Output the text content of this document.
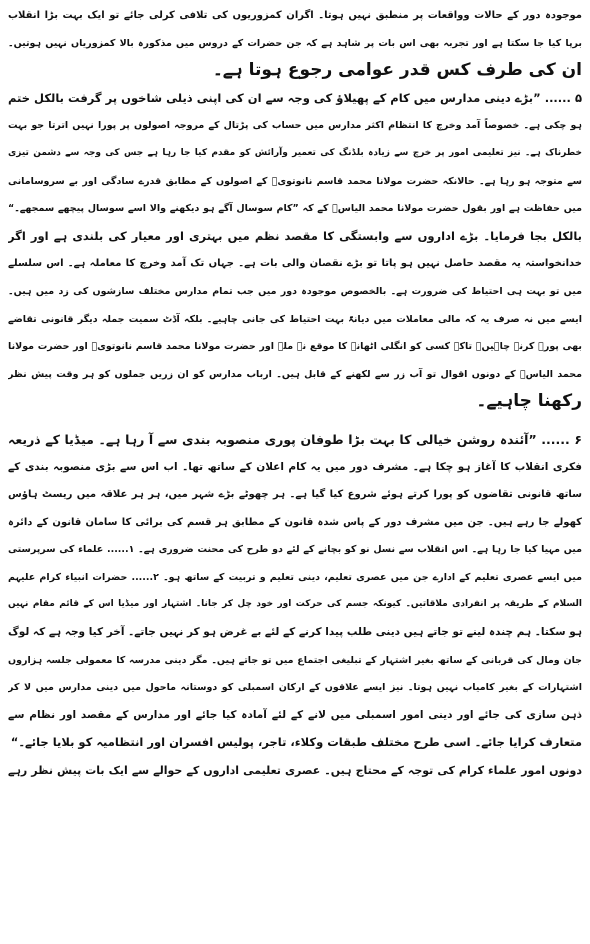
موجودہ دور کے حالات وواقعات پر منطبق نہیں ہوتا۔ اگران کمزوریوں کی تلافی کرلی جائے تو ایک بہت بڑا انقلاب
برپا کیا جا سکتا ہے اور تجربہ بھی اس بات پر شاہد ہے کہ جن حضرات کے دروس میں مذکورہ بالا کمزوریاں نہیں ہوتیں۔
ان کی طرف کس قدر عوامی رجوع ہوتا ہے۔
۵ ...... ”بڑے دینی مدارس میں کام کے پھیلاؤ کی وجہ سے ان کی اپنی ذیلی شاخوں پر گرفت بالکل ختم
ہو چکی ہے۔ خصوصاً آمد وخرچ کا انتظام اکثر مدارس میں حساب کی پڑتال کے مروجہ اصولوں پر پورا نہیں اترتا جو بہت
خطرناک ہے۔ نیز تعلیمی امور پر خرچ سے زیادہ بلڈنگ کی تعمیر وآرائش کو مقدم کیا جا رہا ہے جس کی وجہ سے دشمن تیزی
سے متوجہ ہو رہا ہے۔ حالانکہ حضرت مولانا محمد قاسم نانوتویؒ کے اصولوں کے مطابق قدرے سادگی اور بے سروسامانی
میں حفاظت ہے اور بقول حضرت مولانا محمد الیاسؒ کے کہ ”کام سوسال آگے ہو دیکھنے والا اسے سوسال پیچھے سمجھے۔“
بالکل بجا فرمایا۔ بڑے اداروں سے وابستگی کا مقصد نظم میں بہتری اور معیار کی بلندی ہے اور اگر
خدانخواستہ یہ مقصد حاصل نہیں ہو پاتا تو بڑے نقصان والی بات ہے۔ جہاں تک آمد وخرچ کا معاملہ ہے۔ اس سلسلے
میں تو بہت ہی احتیاط کی ضرورت ہے۔ بالخصوص موجودہ دور میں جب تمام مدارس مختلف سازشوں کی زد میں ہیں۔
ایسے میں نہ صرف یہ کہ مالی معاملات میں دیانۃً بہت احتیاط کی جانی چاہیے۔ بلکہ آڈٹ سمیت جملہ دیگر قانونی تقاضے
بھی پورے کرنے چاہیں۔ تاکہ کسی کو انگلی اٹھانے کا موقع نہ ملے اور حضرت مولانا محمد قاسم نانوتویؒ اور حضرت مولانا
محمد الیاسؒ کے دونوں اقوال تو آب زر سے لکھنے کے قابل ہیں۔ ارباب مدارس کو ان زریں جملوں کو ہر وقت پیش نظر
رکھنا چاہیے۔
۶ ...... ”آئندہ روشن خیالی کا بہت بڑا طوفان پوری منصوبہ بندی سے آ رہا ہے۔ میڈیا کے ذریعہ
فکری انقلاب کا آغاز ہو چکا ہے۔ مشرف دور میں یہ کام اعلان کے ساتھ تھا۔ اب اس سے بڑی منصوبہ بندی کے
ساتھ قانونی تقاضوں کو پورا کرتے ہوئے شروع کیا گیا ہے۔ ہر چھوٹے بڑے شہر میں، ہر ہر علاقہ میں ریسٹ ہاؤس
کھولے جا رہے ہیں۔ جن میں مشرف دور کے پاس شدہ قانون کے مطابق ہر قسم کی برائی کا سامان قانون کے دائرہ
میں مہیا کیا جا رہا ہے۔ اس انقلاب سے نسل نو کو بچانے کے لئے دو طرح کی محنت ضروری ہے۔ ۱...... علماء کی سرپرستی
میں ایسے عصری تعلیم کے ادارے جن میں عصری تعلیم، دینی تعلیم و تربیت کے ساتھ ہو۔ ۲...... حضرات انبیاء کرام علیہم
السلام کے طریقہ پر انفرادی ملاقاتیں۔ کیونکہ جسم کی حرکت اور خود چل کر جانا۔ اشتہار اور میڈیا اس کے قائم مقام نہیں
ہو سکتا۔ ہم چندہ لینے تو جاتے ہیں دینی طلب پیدا کرنے کے لئے بے غرض ہو کر نہیں جاتے۔ آخر کیا وجہ ہے کہ لوگ
جان ومال کی قربانی کے ساتھ بغیر اشتہار کے تبلیغی اجتماع میں تو جاتے ہیں۔ مگر دینی مدرسہ کا معمولی جلسہ ہزاروں
اشتہارات کے بغیر کامیاب نہیں ہوتا۔ نیز ایسے علاقوں کے ارکان اسمبلی کو دوستانہ ماحول میں دینی مدارس میں لا کر
ذہن سازی کی جائے اور دینی امور اسمبلی میں لانے کے لئے آمادہ کیا جائے اور مدارس کے مقصد اور نظام سے
متعارف کرایا جائے۔ اسی طرح مختلف طبقات وکلاء، تاجر، پولیس افسران اور انتظامیہ کو بلایا جائے۔“
دونوں امور علماء کرام کی توجہ کے محتاج ہیں۔ عصری تعلیمی اداروں کے حوالے سے ایک بات پیش نظر رہے
